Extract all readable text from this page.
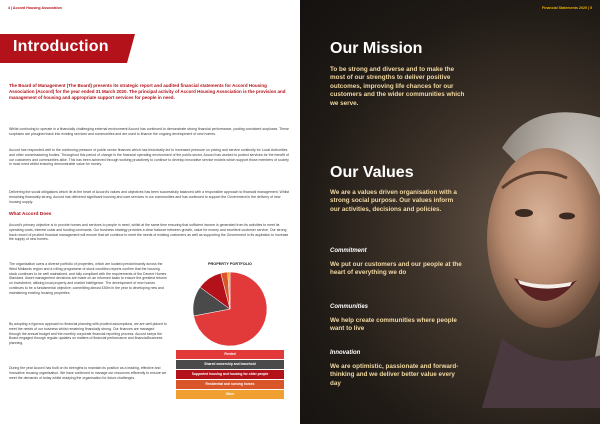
4 | Accord Housing Association
Introduction
The Board of Management (The Board) presents its strategic report and audited financial statements for Accord Housing Association (Accord) for the year ended 31 March 2020. The principal activity of Accord Housing Association is the provision and management of housing and appropriate support services for people in need.
Whilst continuing to operate in a financially challenging external environment Accord has continued to demonstrate strong financial performance, posting consistent surpluses. These surpluses are ploughed back into existing services and communities and are used to finance the ongoing development of new homes.
Accord has responded well to the continuing pressure of public sector finances which has historically led to increased pressure on pricing and service continuity for Local Authorities and other commissioning bodies. Throughout this period of change in the financial operating environment of the public sector, Accord has worked to protect services for the benefit of our customers and communities alike. This has been achieved through working proactively to continue to develop innovative service models which support those members of society in most need whilst ensuring demonstrable value for money.
Delivering the social obligations which lie at the heart of Accord's values and objectives has been successfully balanced with a responsible approach to financial management. Whilst remaining financially strong, Accord has delivered significant housing and care services in our communities and has continued to support the Government in the delivery of new housing supply.
What Accord Does
Accord's primary objective is to provide homes and services to people in need, whilst at the same time ensuring that sufficient income is generated from its activities to meet its operating costs, interest costs and funding covenants. Our business strategy provides a clear balance between growth, value for money and excellent customer service. Our strong track record of prudent financial management will ensure that we continue to meet the needs of existing customers as well as supporting the Government in its aspiration to increase the supply of new homes.
The organisation owns a diverse portfolio of properties, which are located predominantly across the West Midlands region and a rolling programme of stock condition reports confirm that the housing stock continues to be well maintained, and fully compliant with the requirements of the Decent Homes Standard. Asset management decisions are made on an informed basis to ensure the greatest returns on investment, utilising local property and market intelligence. The development of new homes continues to be a fundamental objective; committing almost £50m in the year to developing new and maintaining existing housing properties.
By adopting a rigorous approach to financial planning with prudent assumptions, we are well placed to meet the needs of our business whilst remaining financially strong. Our finances are managed through the annual budget and the monthly corporate financial reporting process. Accord keeps the Board engaged through regular updates on matters of financial performance and financial/business planning.
During the year Accord has built on its strengths to maintain its position as a leading, effective and innovative housing organisation. We have continued to manage our resources efficiently to ensure we meet the demands of today whilst readying the organisation for future challenges.
PROPERTY PORTFOLIO
Rented
Shared ownership and leasehold
Supported housing and housing for older people
Residential and nursing homes
Other
Financial Statements 2020 | 5
Our Mission
To be strong and diverse and to make the most of our strengths to deliver positive outcomes, improving life chances for our customers and the wider communities which we serve.
Our Values
We are a values driven organisation with a strong social purpose. Our values inform our activities, decisions and policies.
Commitment
We put our customers and our people at the heart of everything we do
Communities
We help create communities where people want to live
Innovation
We are optimistic, passionate and forward-thinking and we deliver better value every day
